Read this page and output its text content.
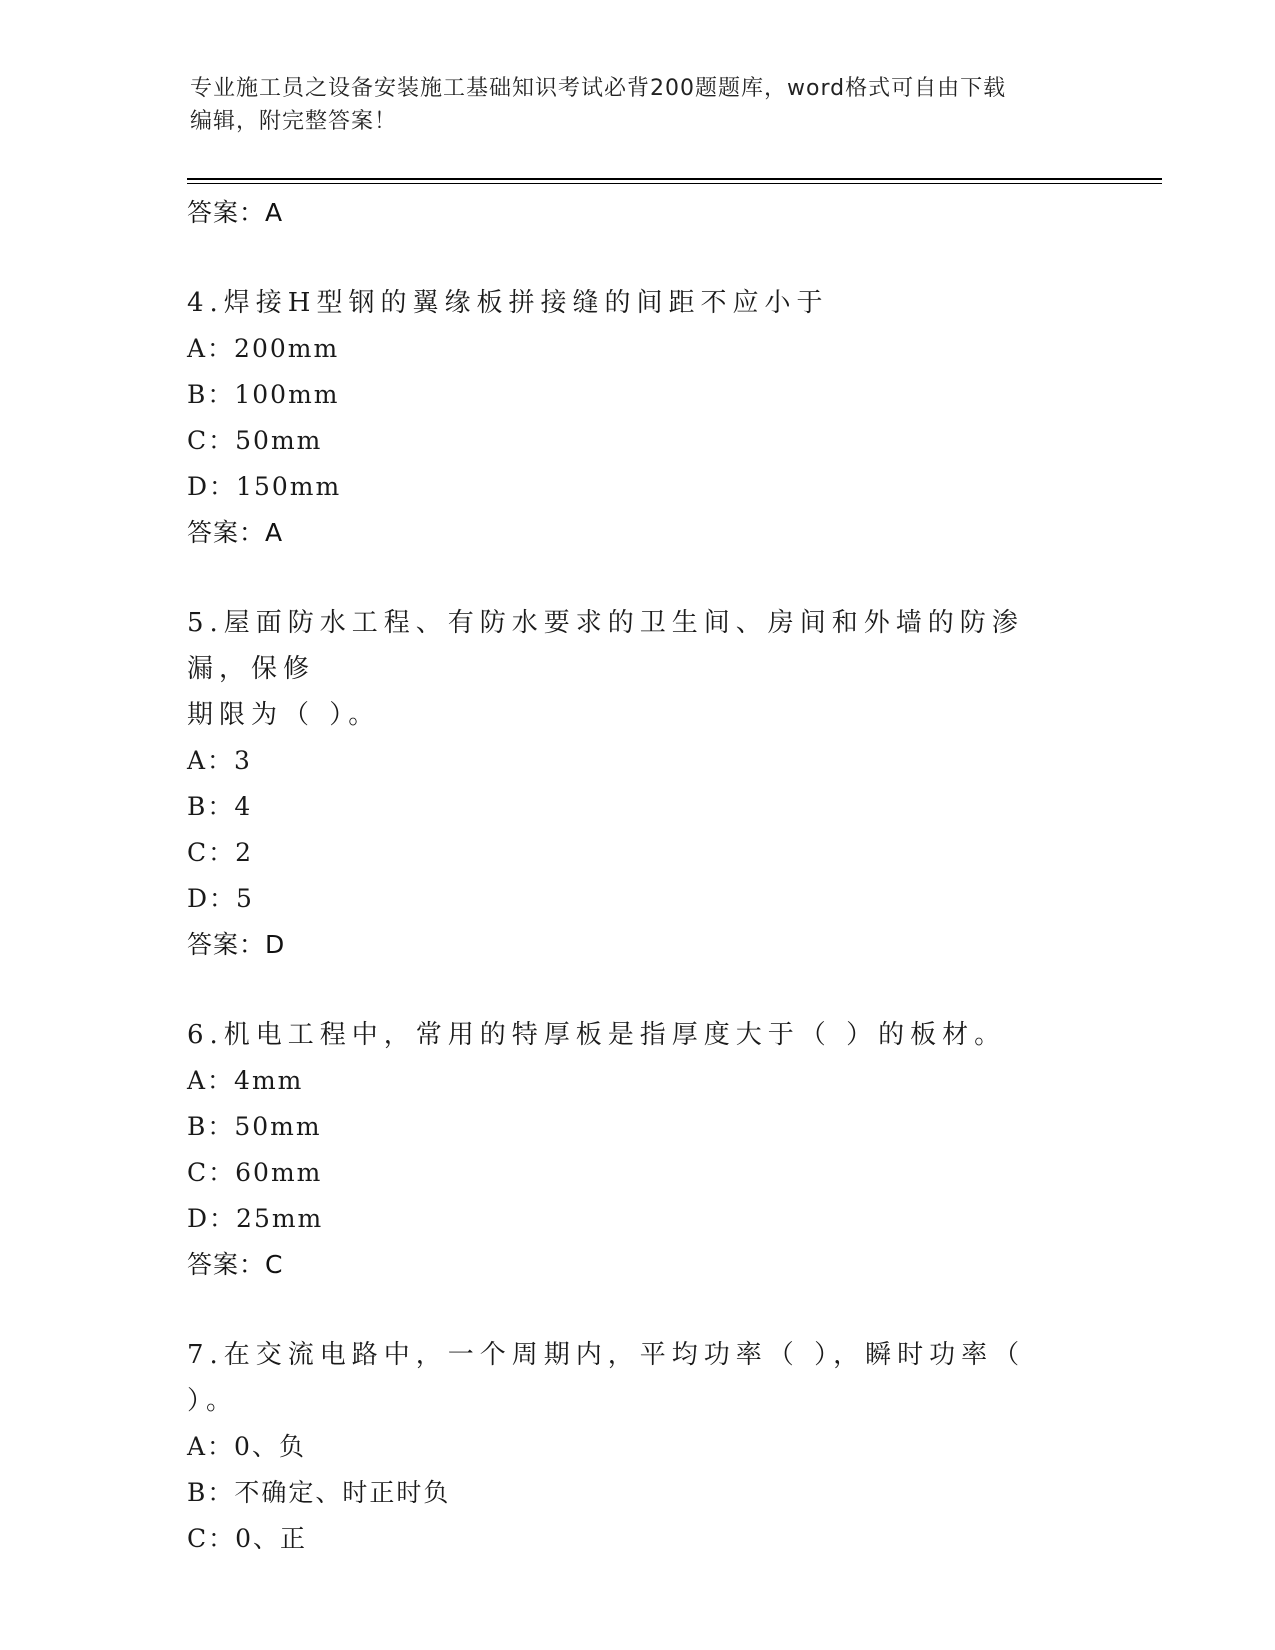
专业施工员之设备安装施工基础知识考试必背200题题库，word格式可自由下载
编辑，附完整答案！
答案：A
4.焊接H型钢的翼缘板拼接缝的间距不应小于
A：200mm
B：100mm
C：50mm
D：150mm
答案：A
5.屋面防水工程、有防水要求的卫生间、房间和外墙的防渗漏，保修
期限为（ ）。
A：3
B：4
C：2
D：5
答案：D
6.机电工程中，常用的特厚板是指厚度大于（ ）的板材。
A：4mm
B：50mm
C：60mm
D：25mm
答案：C
7.在交流电路中，一个周期内，平均功率（ ），瞬时功率（ ）。
A：0、负
B：不确定、时正时负
C：0、正
